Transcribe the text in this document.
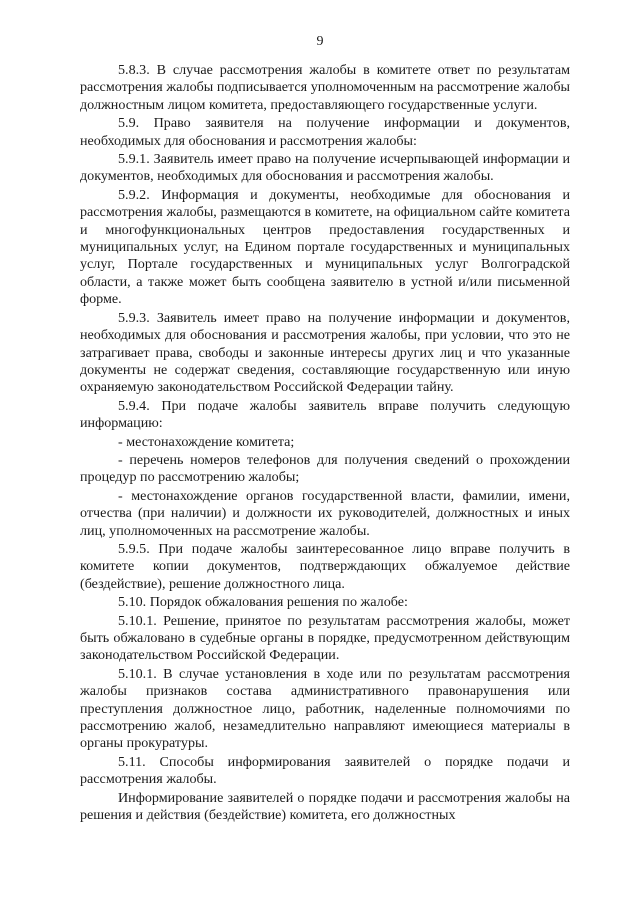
9

5.8.3. В случае рассмотрения жалобы в комитете ответ по результатам рассмотрения жалобы подписывается уполномоченным на рассмотрение жалобы должностным лицом комитета, предоставляющего государственные услуги.

5.9. Право заявителя на получение информации и документов, необходимых для обоснования и рассмотрения жалобы:

5.9.1. Заявитель имеет право на получение исчерпывающей информации и документов, необходимых для обоснования и рассмотрения жалобы.

5.9.2. Информация и документы, необходимые для обоснования и рассмотрения жалобы, размещаются в комитете, на официальном сайте комитета и многофункциональных центров предоставления государственных и муниципальных услуг, на Едином портале государственных и муниципальных услуг, Портале государственных и муниципальных услуг Волгоградской области, а также может быть сообщена заявителю в устной и/или письменной форме.

5.9.3. Заявитель имеет право на получение информации и документов, необходимых для обоснования и рассмотрения жалобы, при условии, что это не затрагивает права, свободы и законные интересы других лиц и что указанные документы не содержат сведения, составляющие государственную или иную охраняемую законодательством Российской Федерации тайну.

5.9.4. При подаче жалобы заявитель вправе получить следующую информацию:

- местонахождение комитета;

- перечень номеров телефонов для получения сведений о прохождении процедур по рассмотрению жалобы;

- местонахождение органов государственной власти, фамилии, имени, отчества (при наличии) и должности их руководителей, должностных и иных лиц, уполномоченных на рассмотрение жалобы.

5.9.5. При подаче жалобы заинтересованное лицо вправе получить в комитете копии документов, подтверждающих обжалуемое действие (бездействие), решение должностного лица.

5.10. Порядок обжалования решения по жалобе:

5.10.1. Решение, принятое по результатам рассмотрения жалобы, может быть обжаловано в судебные органы в порядке, предусмотренном действующим законодательством Российской Федерации.

5.10.1. В случае установления в ходе или по результатам рассмотрения жалобы признаков состава административного правонарушения или преступления должностное лицо, работник, наделенные полномочиями по рассмотрению жалоб, незамедлительно направляют имеющиеся материалы в органы прокуратуры.

5.11. Способы информирования заявителей о порядке подачи и рассмотрения жалобы.

Информирование заявителей о порядке подачи и рассмотрения жалобы на решения и действия (бездействие) комитета, его должностных
